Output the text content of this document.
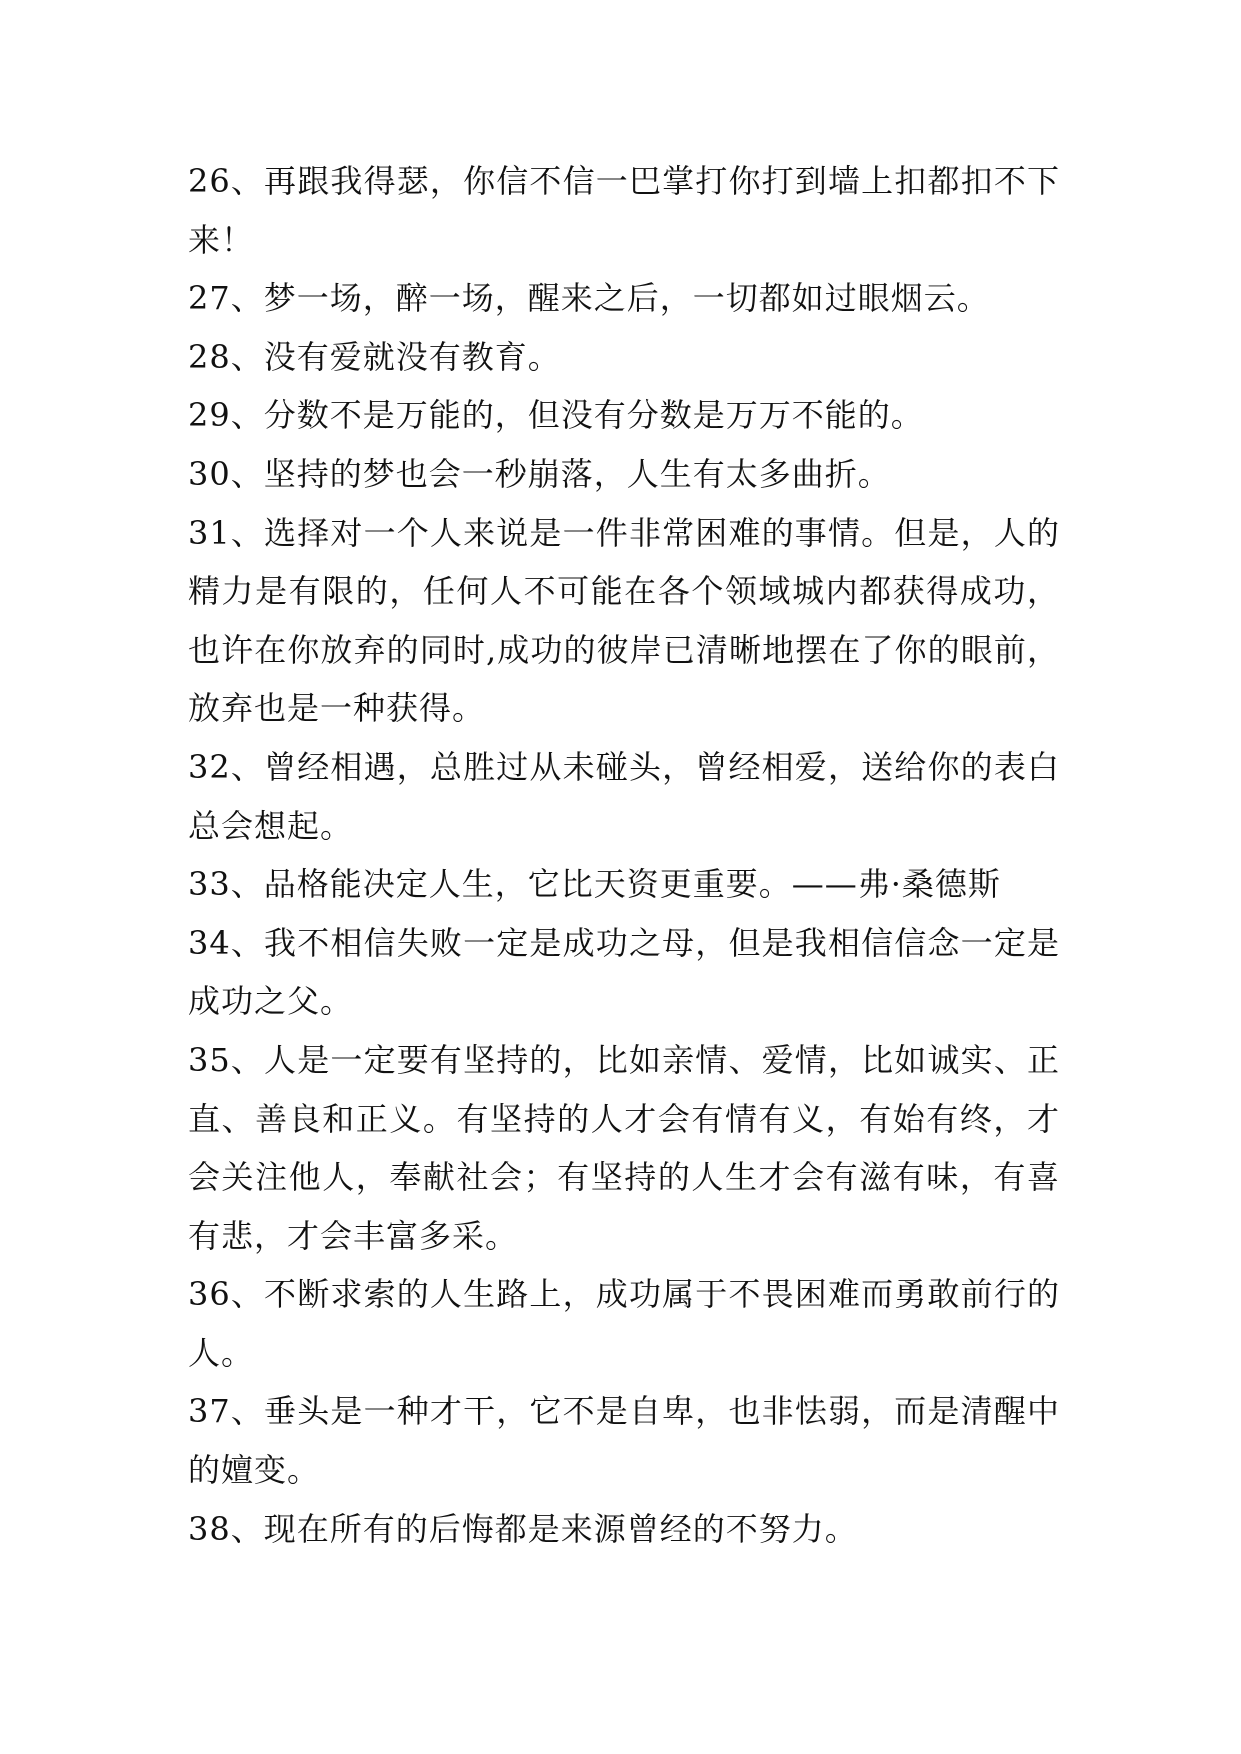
26、再跟我得瑟，你信不信一巴掌打你打到墙上扣都扣不下来！

27、梦一场，醉一场，醒来之后，一切都如过眼烟云。

28、没有爱就没有教育。

29、分数不是万能的，但没有分数是万万不能的。

30、坚持的梦也会一秒崩落，人生有太多曲折。

31、选择对一个人来说是一件非常困难的事情。但是，人的精力是有限的，任何人不可能在各个领域城内都获得成功，也许在你放弃的同时,成功的彼岸已清晰地摆在了你的眼前，放弃也是一种获得。

32、曾经相遇，总胜过从未碰头，曾经相爱，送给你的表白总会想起。

33、品格能决定人生，它比天资更重要。——弗·桑德斯

34、我不相信失败一定是成功之母，但是我相信信念一定是成功之父。

35、人是一定要有坚持的，比如亲情、爱情，比如诚实、正直、善良和正义。有坚持的人才会有情有义，有始有终，才会关注他人，奉献社会；有坚持的人生才会有滋有味，有喜有悲，才会丰富多采。

36、不断求索的人生路上，成功属于不畏困难而勇敢前行的人。

37、垂头是一种才干，它不是自卑，也非怯弱，而是清醒中的嬗变。

38、现在所有的后悔都是来源曾经的不努力。
